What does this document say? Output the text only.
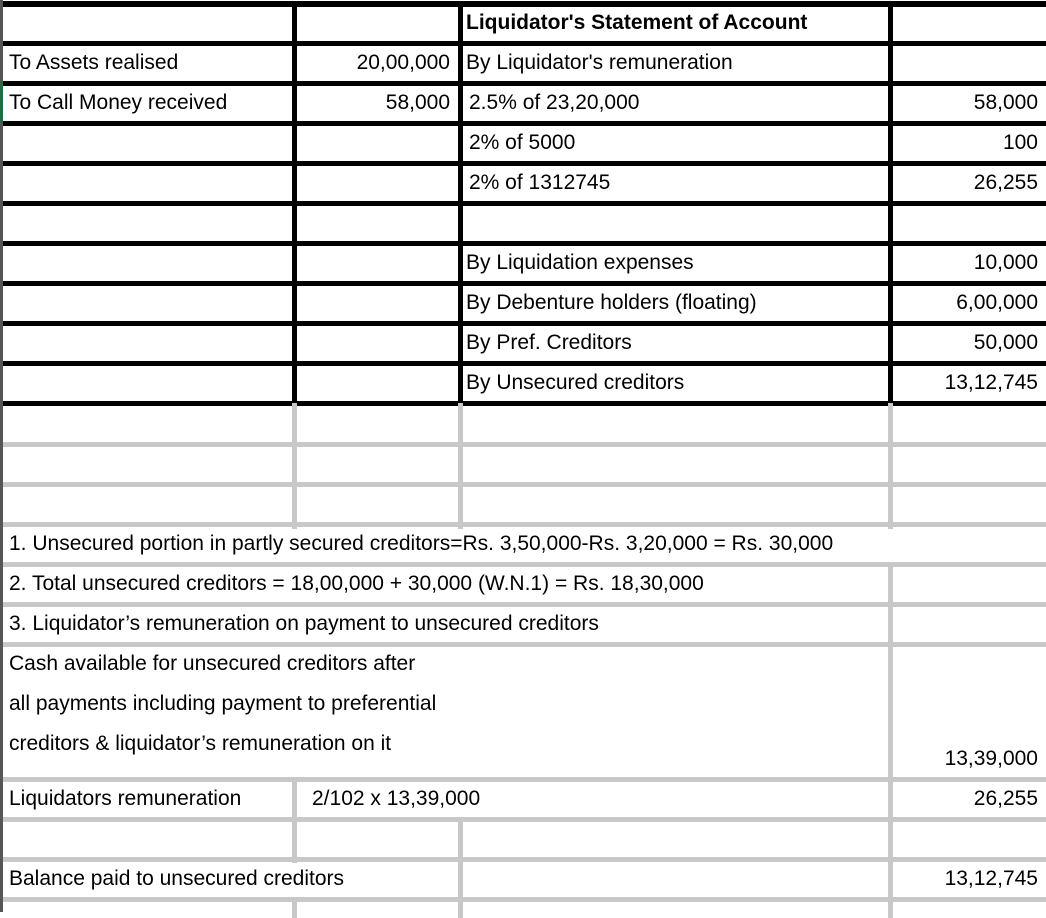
Liquidator's Statement of Account
To Assets realised	20,00,000 By Liquidator's remuneration
To Call Money received	58,000 2.5% of 23,20,000	58,000
2% of 5000	100
2% of 1312745	26,255
By Liquidation expenses	10,000
By Debenture holders (floating)	6,00,000
By Pref. Creditors	50,000
By Unsecured creditors	13,12,745
1. Unsecured portion in partly secured creditors=Rs. 3,50,000-Rs. 3,20,000 = Rs. 30,000
2. Total unsecured creditors = 18,00,000 + 30,000 (W.N.1) = Rs. 18,30,000
3. Liquidator’s remuneration on payment to unsecured creditors
Cash available for unsecured creditors after
all payments including payment to preferential
creditors & liquidator’s remuneration on it
13,39,000
Liquidators remuneration	2/102 x 13,39,000	26,255
Balance paid to unsecured creditors	13,12,745
